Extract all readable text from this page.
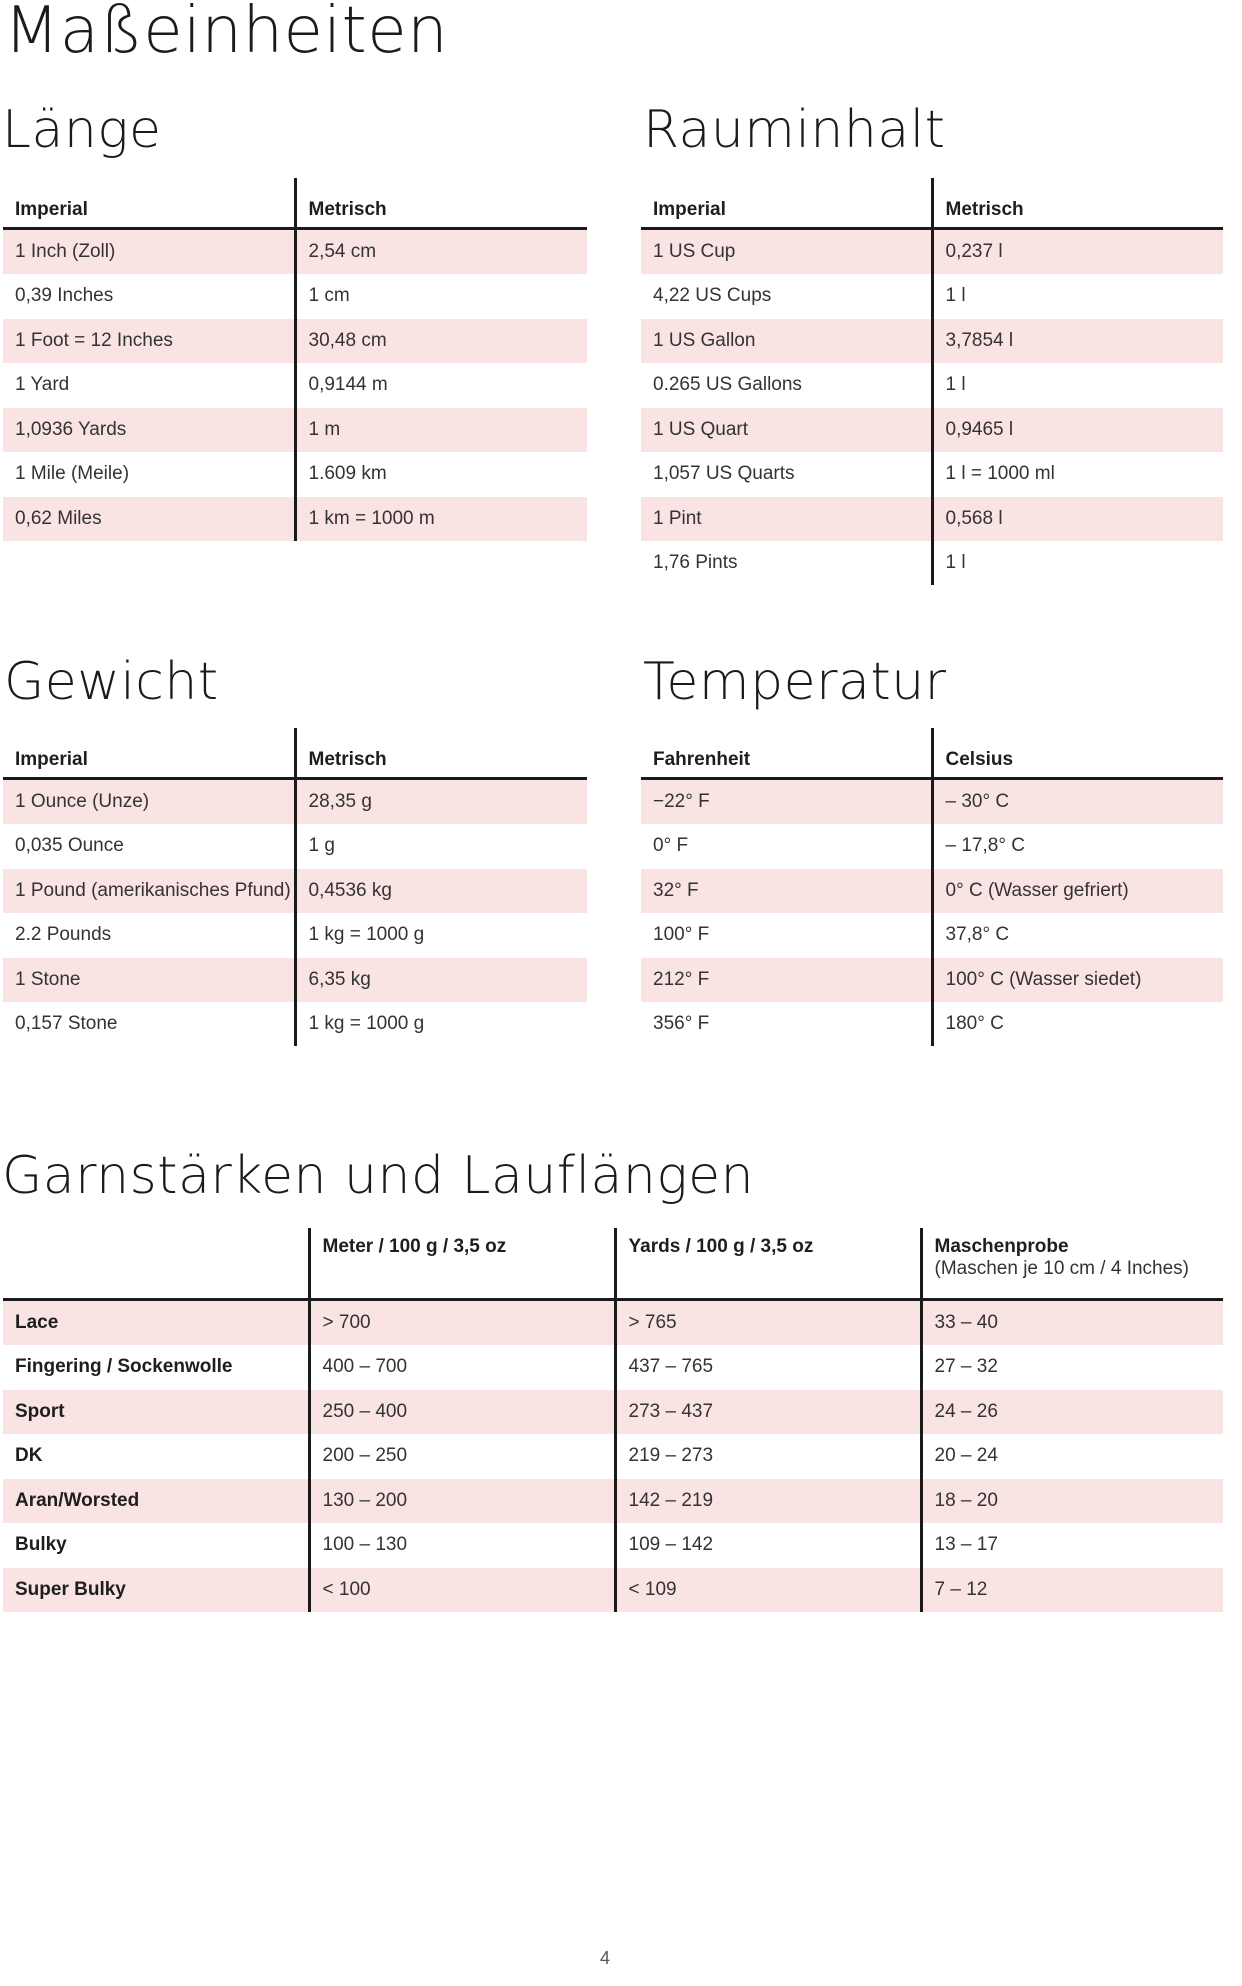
Maßeinheiten
Länge
Imperial	Metrisch
1 Inch (Zoll)	2,54 cm
0,39 Inches	1 cm
1 Foot = 12 Inches	30,48 cm
1 Yard	0,9144 m
1,0936 Yards	1 m
1 Mile (Meile)	1.609 km
0,62 Miles	1 km = 1000 m
Rauminhalt
Imperial	Metrisch
1 US Cup	0,237 l
4,22 US Cups	1 l
1 US Gallon	3,7854 l
0.265 US Gallons	1 l
1 US Quart	0,9465 l
1,057 US Quarts	1 l = 1000 ml
1 Pint	0,568 l
1,76 Pints	1 l
Gewicht
Imperial	Metrisch
1 Ounce (Unze)	28,35 g
0,035 Ounce	1 g
1 Pound (amerikanisches Pfund)	0,4536 kg
2.2 Pounds	1 kg = 1000 g
1 Stone	6,35 kg
0,157 Stone	1 kg = 1000 g
Temperatur
Fahrenheit	Celsius
−22° F	– 30° C
0° F	– 17,8° C
32° F	0° C (Wasser gefriert)
100° F	37,8° C
212° F	100° C (Wasser siedet)
356° F	180° C
Garnstärken und Lauflängen
	Meter / 100 g / 3,5 oz	Yards / 100 g / 3,5 oz	Maschenprobe
(Maschen je 10 cm / 4 Inches)

Lace	> 700	> 765	33 – 40
Fingering / Sockenwolle	400 – 700	437 – 765	27 – 32
Sport	250 – 400	273 – 437	24 – 26
DK	200 – 250	219 – 273	20 – 24
Aran/Worsted	130 – 200	142 – 219	18 – 20
Bulky	100 – 130	109 – 142	13 – 17
Super Bulky	< 100	< 109	7 – 12
4
